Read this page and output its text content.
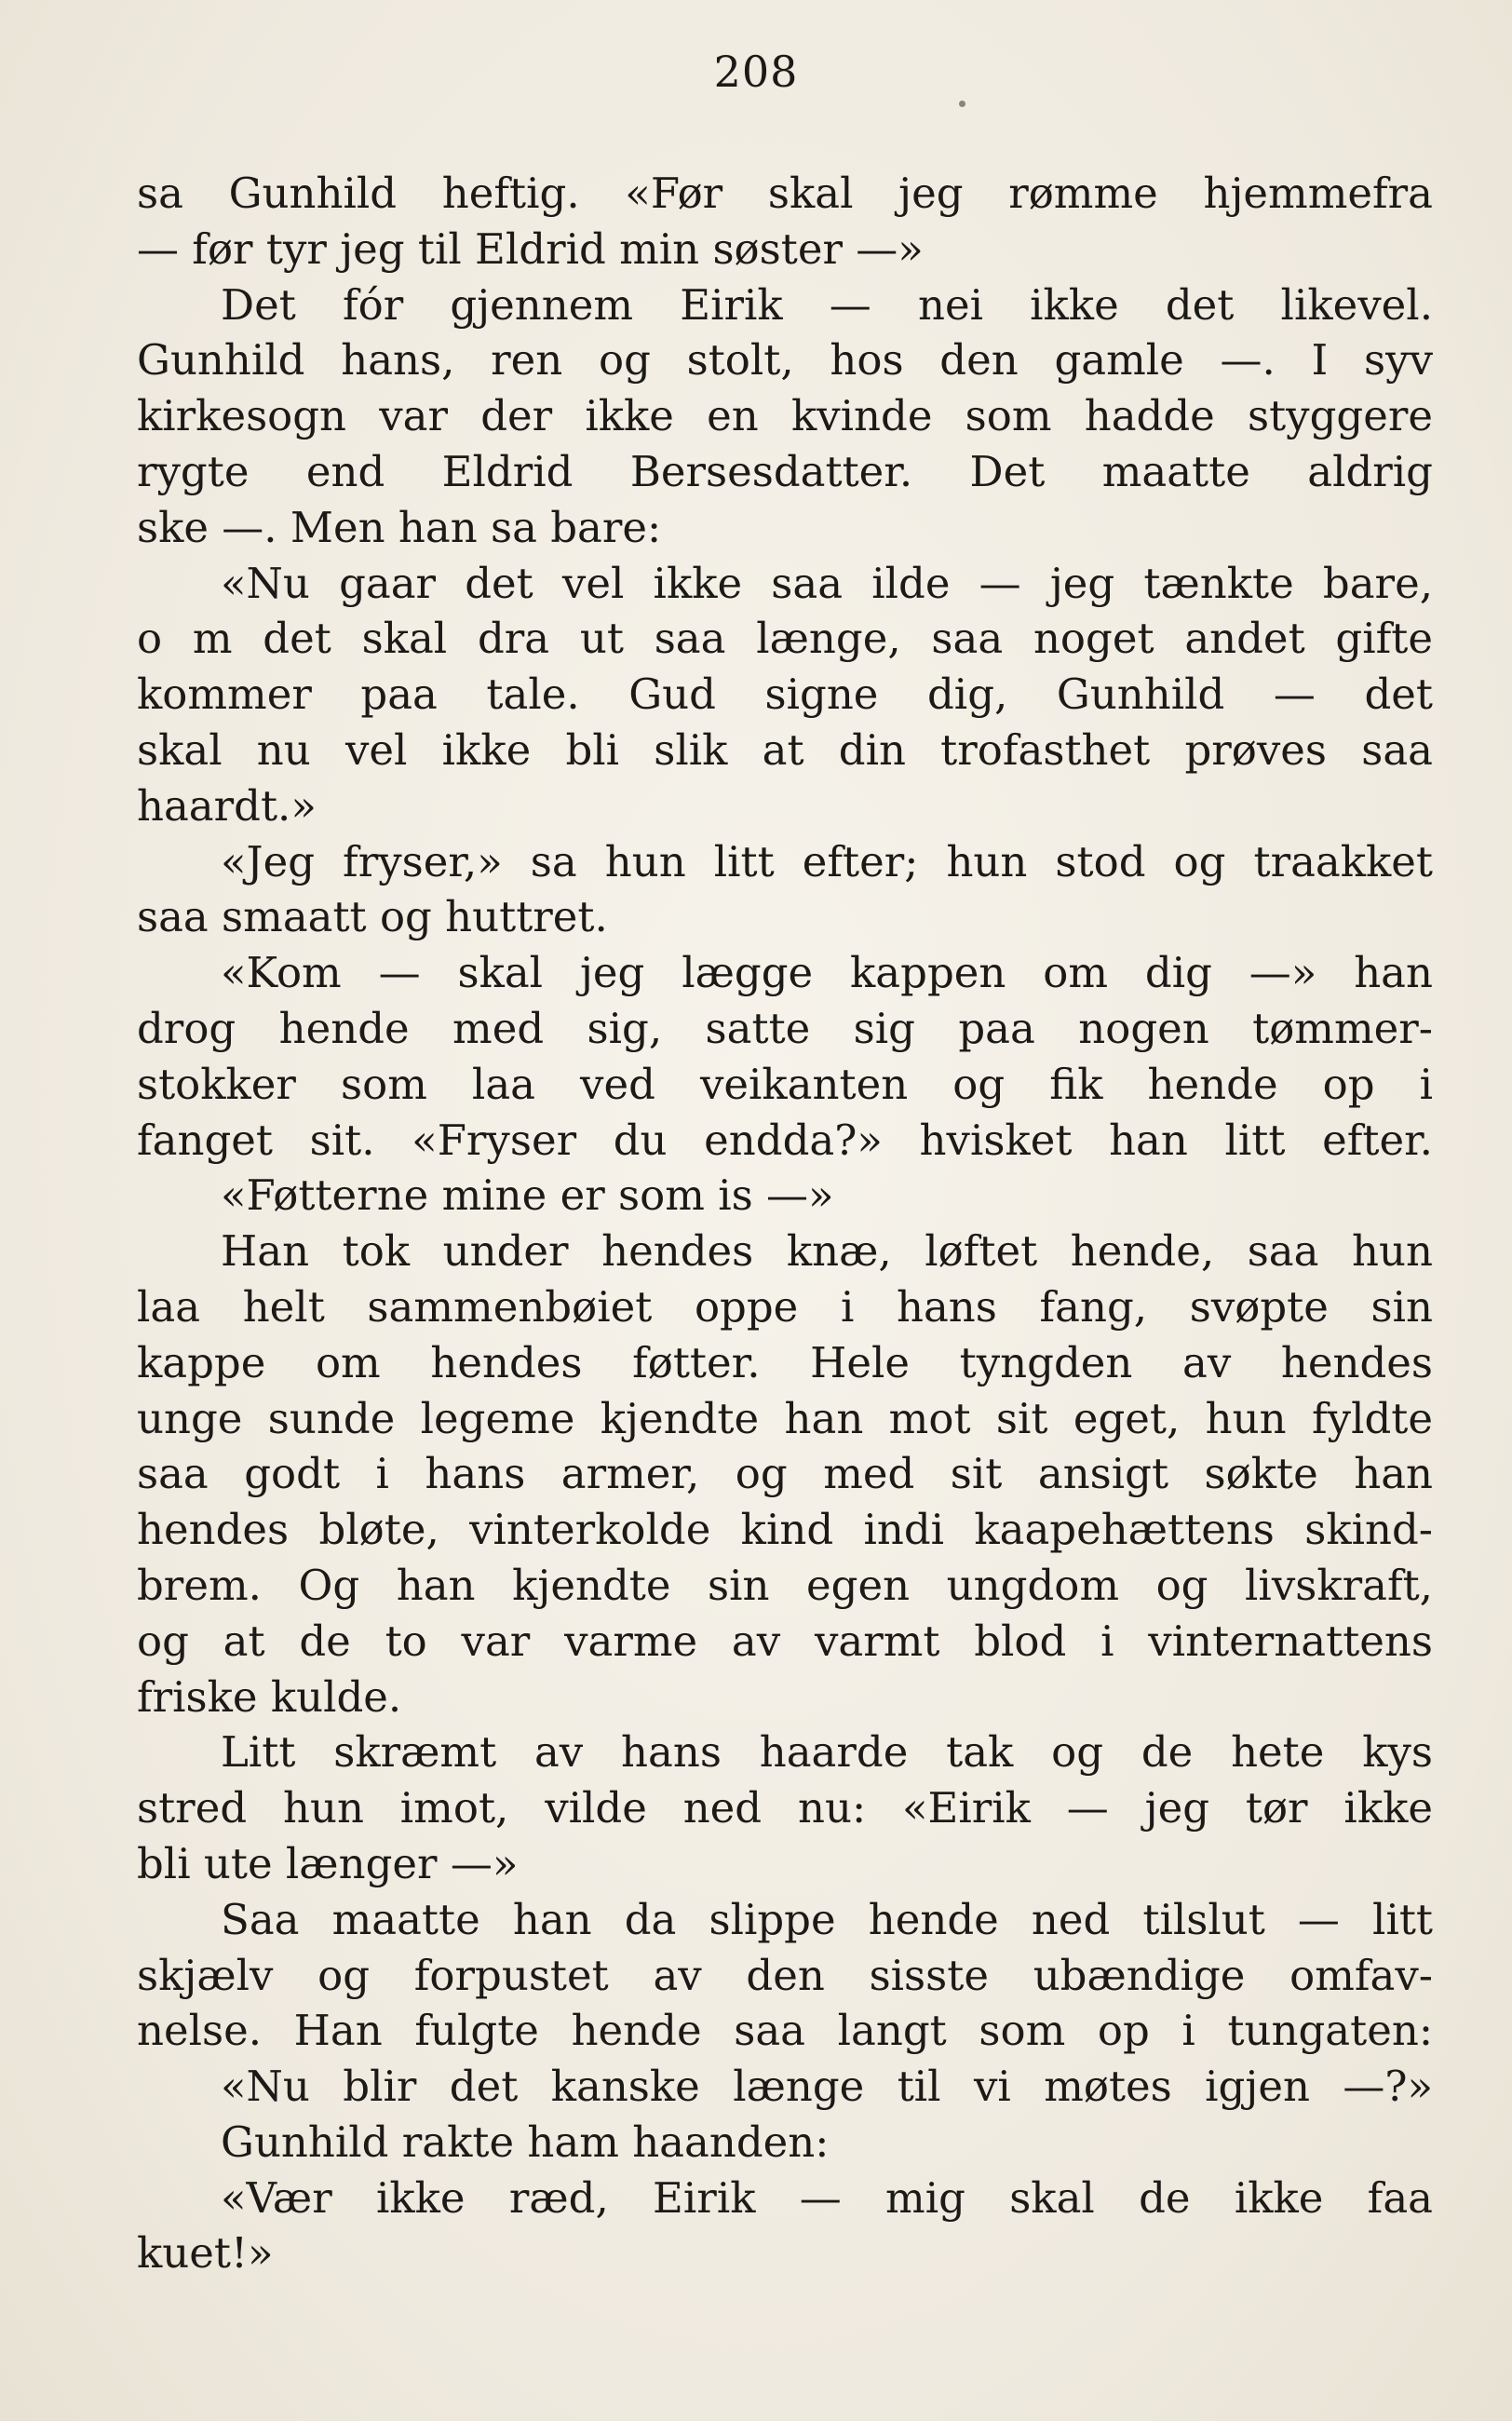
208
sa Gunhild heftig. «Før skal jeg rømme hjemmefra
— før tyr jeg til Eldrid min søster —»
Det fór gjennem Eirik — nei ikke det likevel.
Gunhild hans, ren og stolt, hos den gamle —. I syv
kirkesogn var der ikke en kvinde som hadde styggere
rygte end Eldrid Bersesdatter. Det maatte aldrig
ske —. Men han sa bare:
«Nu gaar det vel ikke saa ilde — jeg tænkte bare,
o m det skal dra ut saa længe, saa noget andet gifte
kommer paa tale. Gud signe dig, Gunhild — det
skal nu vel ikke bli slik at din trofasthet prøves saa
haardt.»
«Jeg fryser,» sa hun litt efter; hun stod og traakket
saa smaatt og huttret.
«Kom — skal jeg lægge kappen om dig —» han
drog hende med sig, satte sig paa nogen tømmer-
stokker som laa ved veikanten og fik hende op i
fanget sit. «Fryser du endda?» hvisket han litt efter.
«Føtterne mine er som is —»
Han tok under hendes knæ, løftet hende, saa hun
laa helt sammenbøiet oppe i hans fang, svøpte sin
kappe om hendes føtter. Hele tyngden av hendes
unge sunde legeme kjendte han mot sit eget, hun fyldte
saa godt i hans armer, og med sit ansigt søkte han
hendes bløte, vinterkolde kind indi kaapehættens skind-
brem. Og han kjendte sin egen ungdom og livskraft,
og at de to var varme av varmt blod i vinternattens
friske kulde.
Litt skræmt av hans haarde tak og de hete kys
stred hun imot, vilde ned nu: «Eirik — jeg tør ikke
bli ute længer —»
Saa maatte han da slippe hende ned tilslut — litt
skjælv og forpustet av den sisste ubændige omfav-
nelse. Han fulgte hende saa langt som op i tungaten:
«Nu blir det kanske længe til vi møtes igjen —?»
Gunhild rakte ham haanden:
«Vær ikke ræd, Eirik — mig skal de ikke faa
kuet!»
